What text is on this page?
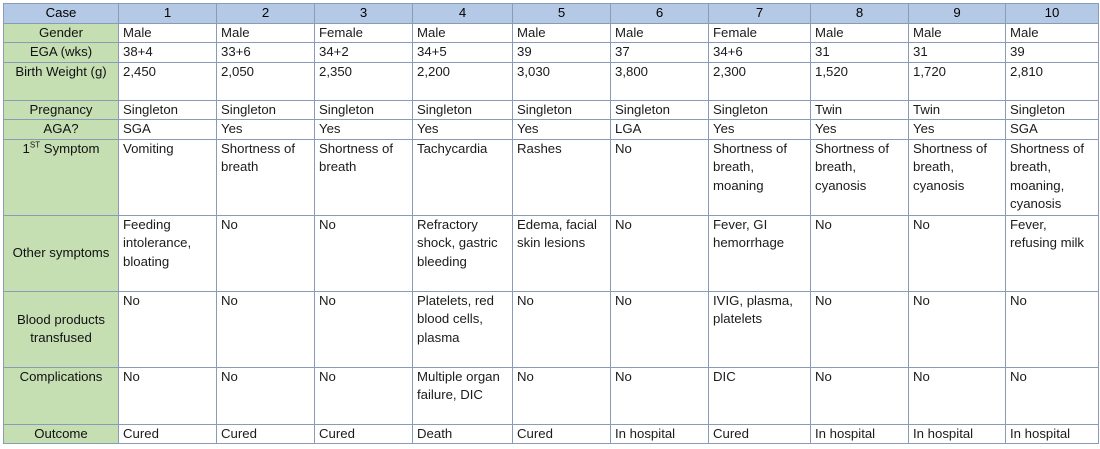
Case	1	2	3	4	5	6	7	8	9	10
Gender	Male	Male	Female	Male	Male	Male	Female	Male	Male	Male
EGA (wks)	38+4	33+6	34+2	34+5	39	37	34+6	31	31	39
Birth Weight (g)	2,450	2,050	2,350	2,200	3,030	3,800	2,300	1,520	1,720	2,810
Pregnancy	Singleton	Singleton	Singleton	Singleton	Singleton	Singleton	Singleton	Twin	Twin	Singleton
AGA?	SGA	Yes	Yes	Yes	Yes	LGA	Yes	Yes	Yes	SGA
1ST Symptom	Vomiting	Shortness of breath	Shortness of breath	Tachycardia	Rashes	No	Shortness of breath, moaning	Shortness of breath, cyanosis	Shortness of breath, cyanosis	Shortness of breath, moaning, cyanosis
Other symptoms	Feeding intolerance, bloating	No	No	Refractory shock, gastric bleeding	Edema, facial skin lesions	No	Fever, GI hemorrhage	No	No	Fever, refusing milk
Blood products transfused	No	No	No	Platelets, red blood cells, plasma	No	No	IVIG, plasma, platelets	No	No	No
Complications	No	No	No	Multiple organ failure, DIC	No	No	DIC	No	No	No
Outcome	Cured	Cured	Cured	Death	Cured	In hospital	Cured	In hospital	In hospital	In hospital
